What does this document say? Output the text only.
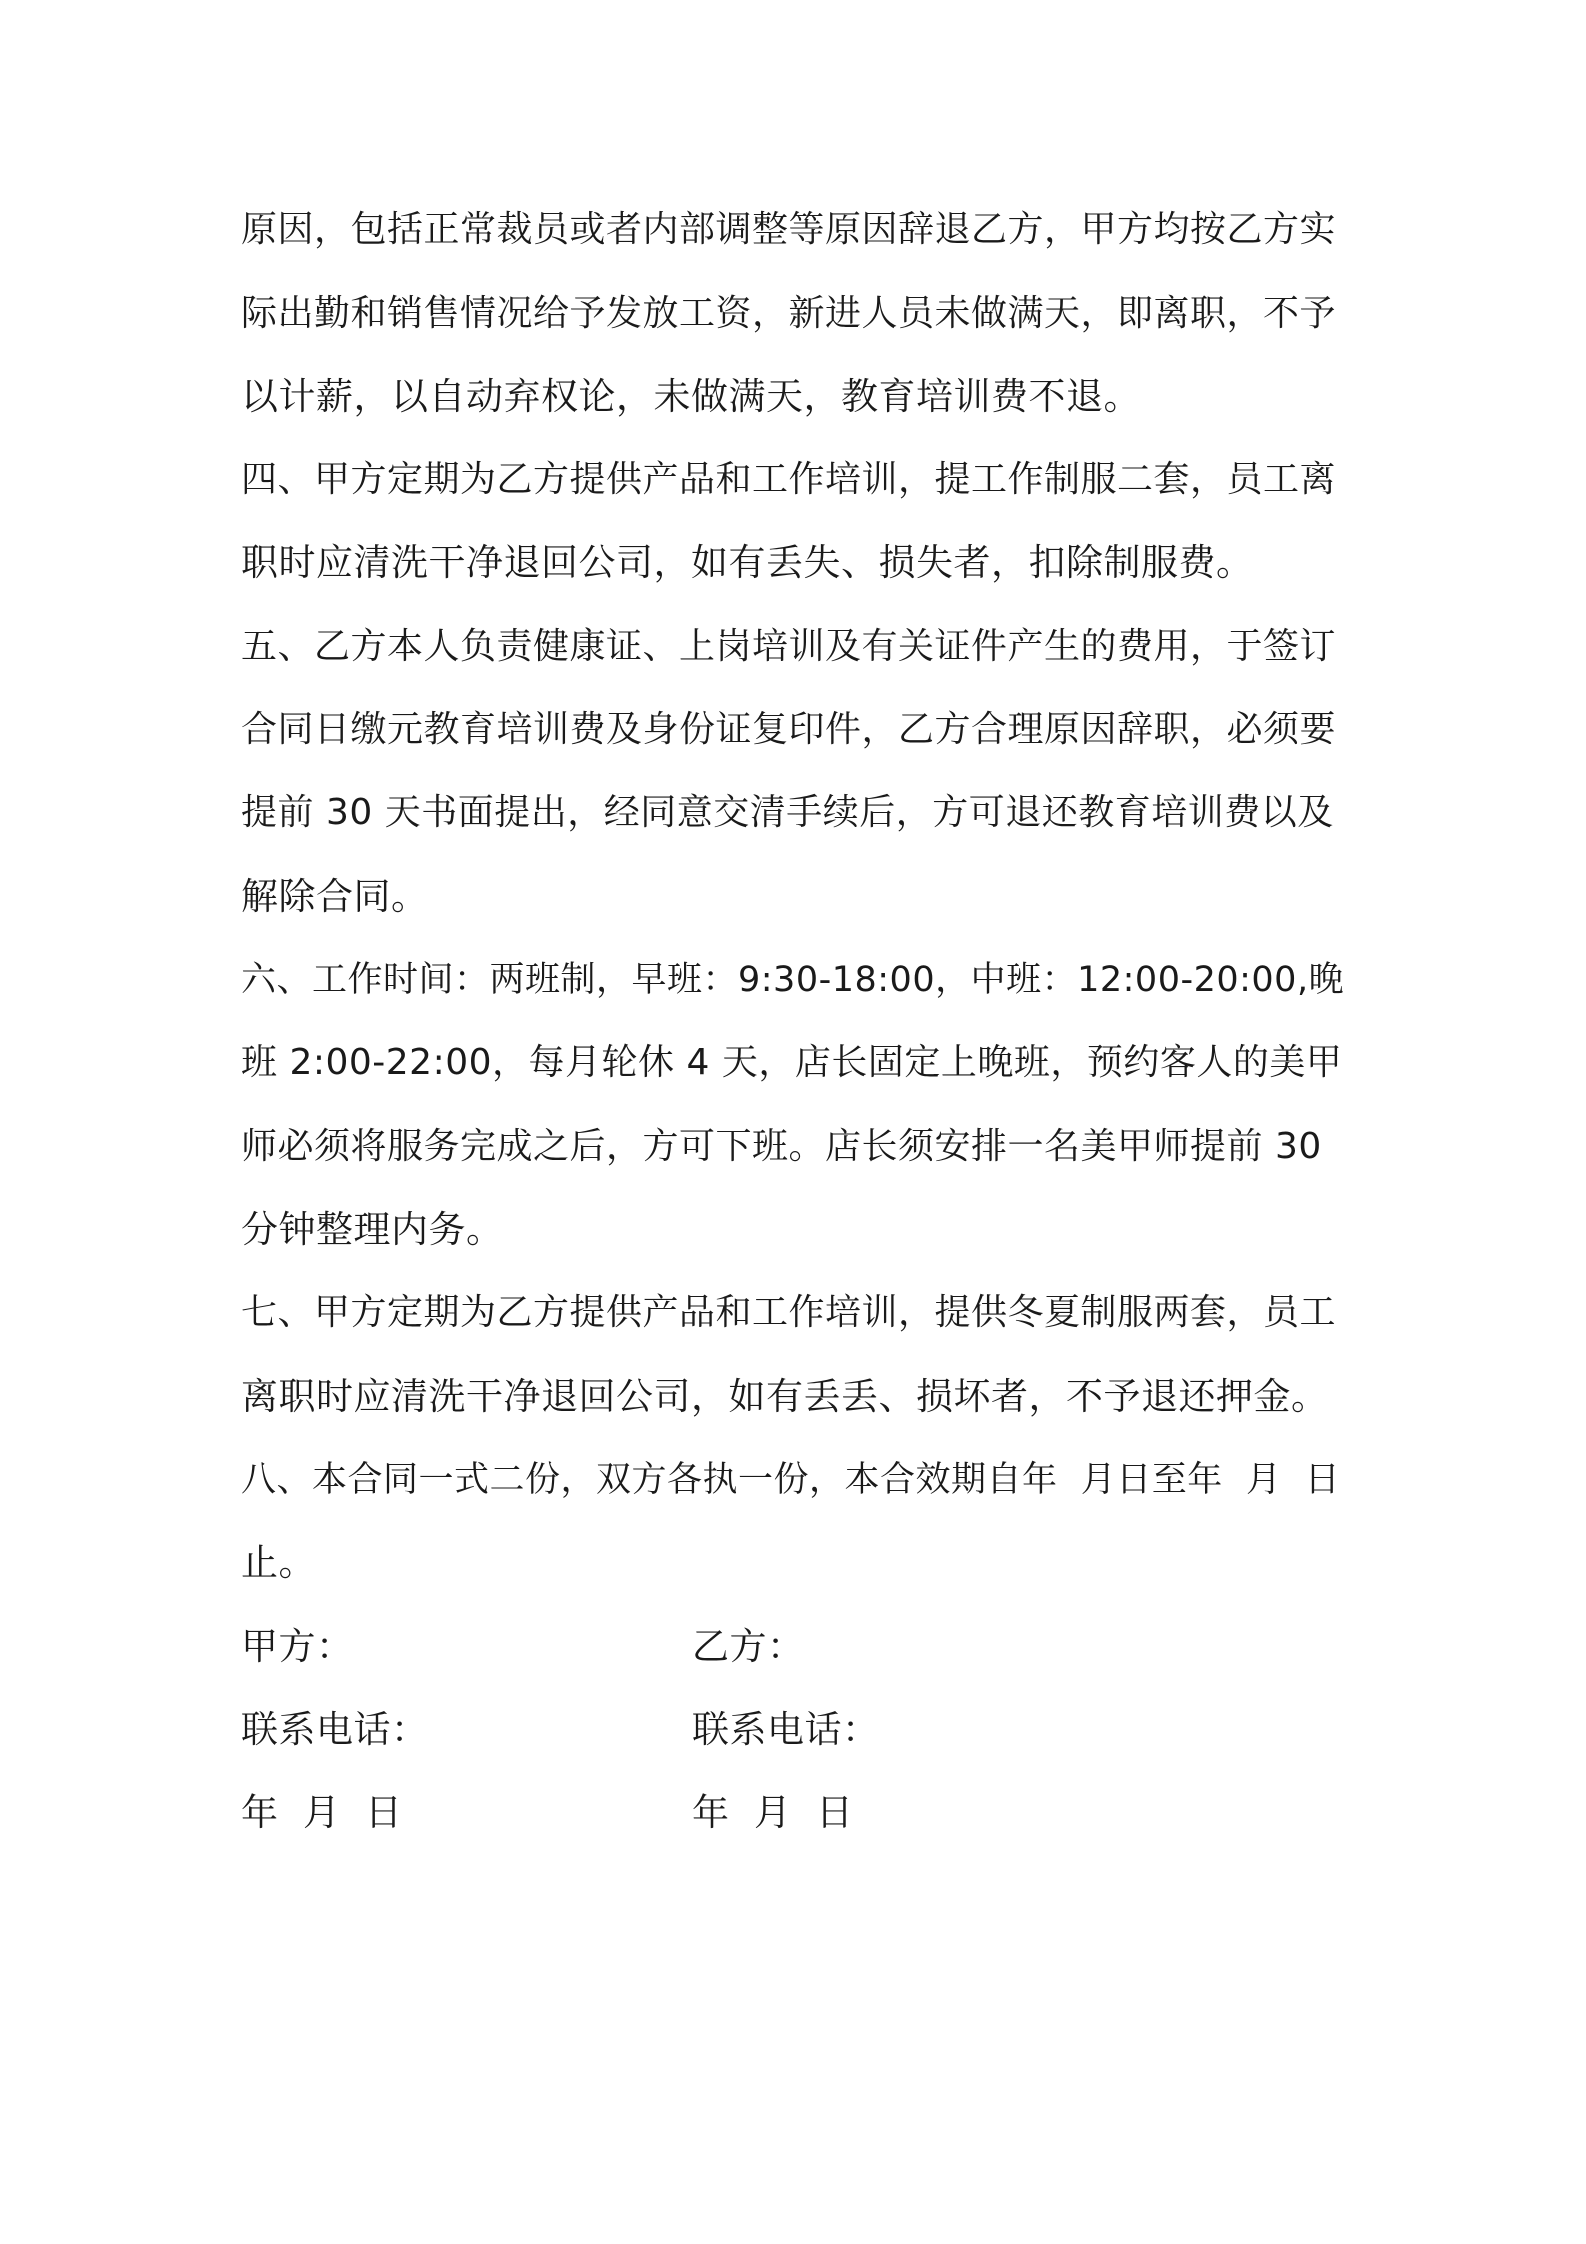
原因，包括正常裁员或者内部调整等原因辞退乙方，甲方均按乙方实
际出勤和销售情况给予发放工资，新进人员未做满天，即离职，不予
以计薪，以自动弃权论，未做满天，教育培训费不退。
四、甲方定期为乙方提供产品和工作培训，提工作制服二套，员工离
职时应清洗干净退回公司，如有丢失、损失者，扣除制服费。
五、乙方本人负责健康证、上岗培训及有关证件产生的费用，于签订
合同日缴元教育培训费及身份证复印件，乙方合理原因辞职，必须要
提前 30 天书面提出，经同意交清手续后，方可退还教育培训费以及
解除合同。
六、工作时间：两班制，早班：9:30-18:00，中班：12:00-20:00,晚
班 2:00-22:00，每月轮休 4 天，店长固定上晚班，预约客人的美甲
师必须将服务完成之后，方可下班。店长须安排一名美甲师提前 30
分钟整理内务。
七、甲方定期为乙方提供产品和工作培训，提供冬夏制服两套，员工
离职时应清洗干净退回公司，如有丢丢、损坏者，不予退还押金。
八、本合同一式二份，双方各执一份，本合效期自年  月日至年  月  日
止。
甲方：	乙方：
联系电话：	联系电话：
年  月  日	年  月  日
